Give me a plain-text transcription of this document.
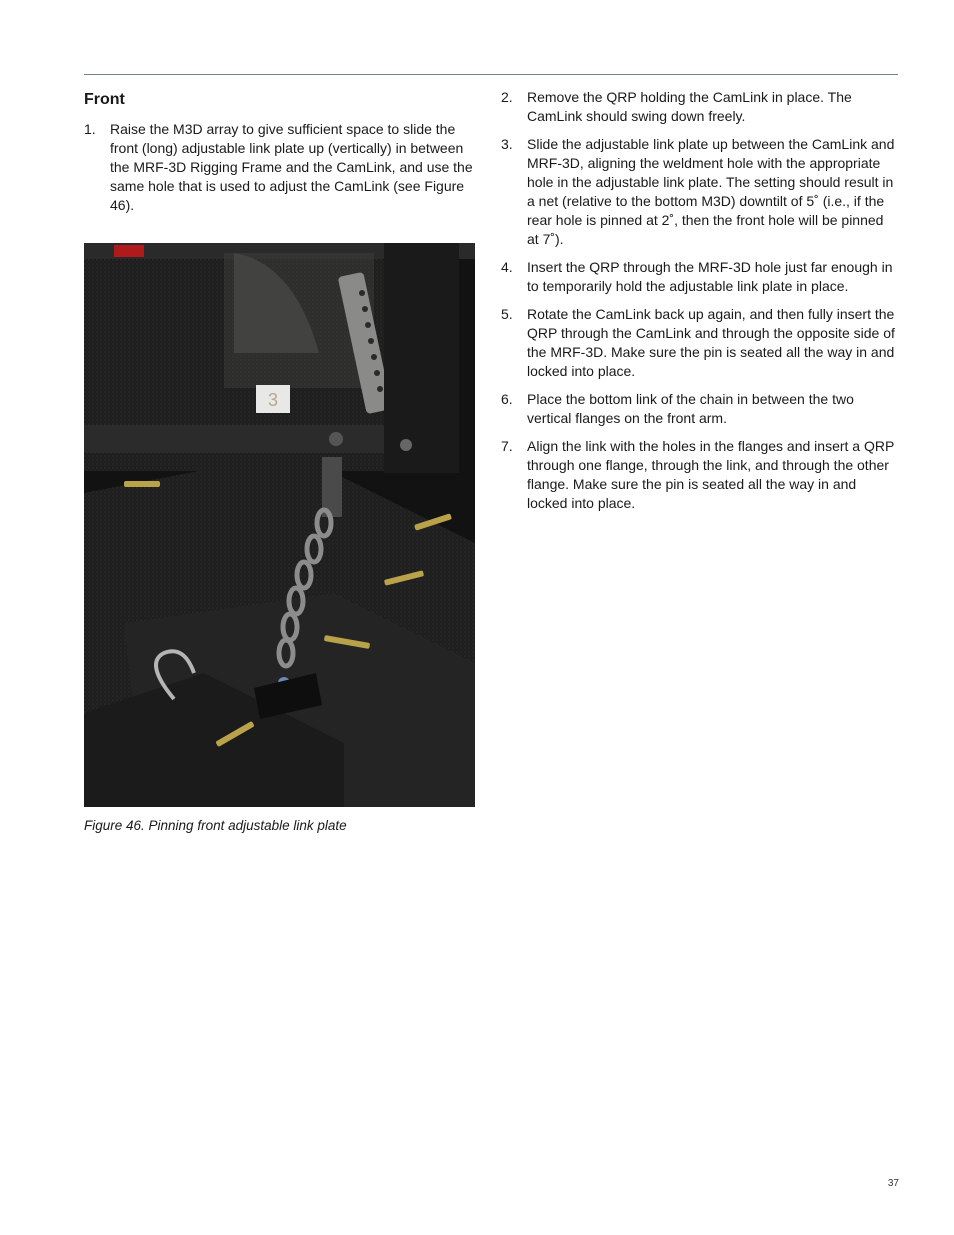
Front
1. Raise the M3D array to give sufficient space to slide the front (long) adjustable link plate up (vertically) in between the MRF-3D Rigging Frame and the CamLink, and use the same hole that is used to adjust the CamLink (see Figure 46).
3
Figure 46. Pinning front adjustable link plate
2. Remove the QRP holding the CamLink in place. The CamLink should swing down freely.
3. Slide the adjustable link plate up between the CamLink and MRF-3D, aligning the weldment hole with the appropriate hole in the adjustable link plate. The setting should result in a net (relative to the bottom M3D) downtilt of 5˚ (i.e., if the rear hole is pinned at 2˚, then the front hole will be pinned at 7˚).
4. Insert the QRP through the MRF-3D hole just far enough in to temporarily hold the adjustable link plate in place.
5. Rotate the CamLink back up again, and then fully insert the QRP through the CamLink and through the opposite side of the MRF-3D. Make sure the pin is seated all the way in and locked into place.
6. Place the bottom link of the chain in between the two vertical flanges on the front arm.
7. Align the link with the holes in the flanges and insert a QRP through one flange, through the link, and through the other flange. Make sure the pin is seated all the way in and locked into place.
37
